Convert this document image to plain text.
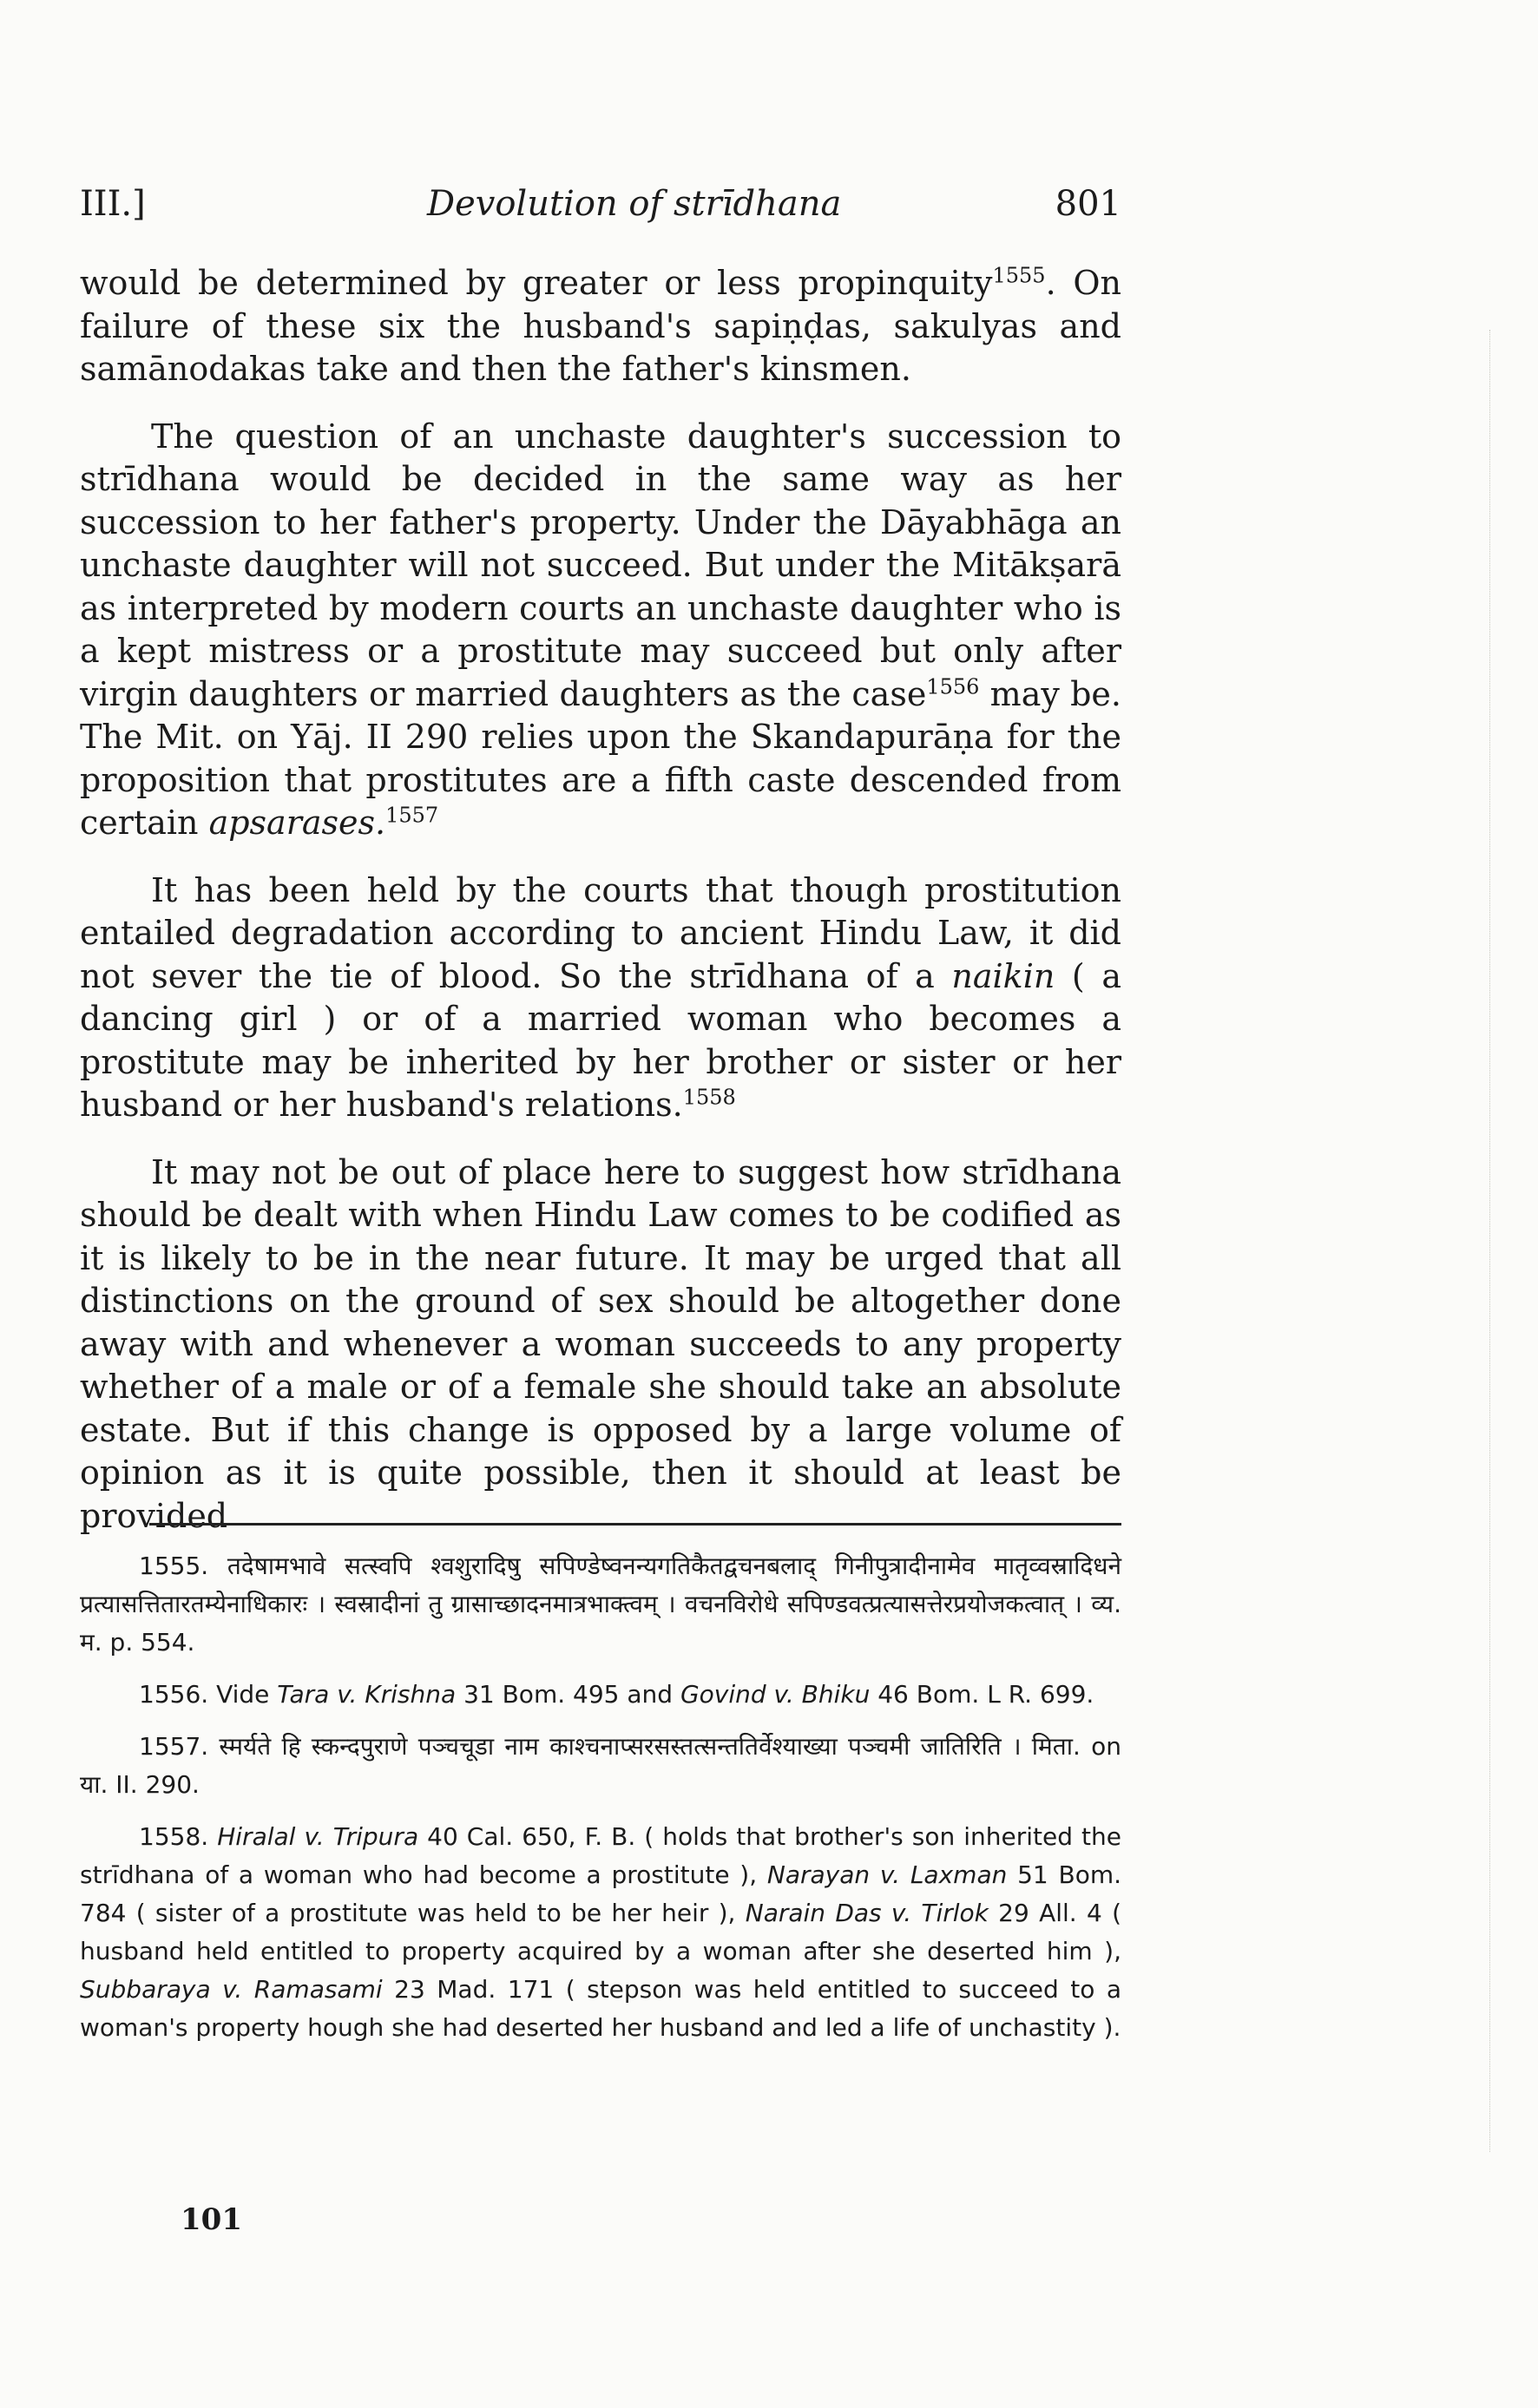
III.]	Devolution of strīdhana	801

would be determined by greater or less propinquity$^{1555}$. On failure of these six the husband's sapiṇḍas, sakulyas and samānodakas take and then the father's kinsmen.

The question of an unchaste daughter's succession to strīdhana would be decided in the same way as her succession to her father's property. Under the Dāyabhāga an unchaste daughter will not succeed. But under the Mitākṣarā as interpreted by modern courts an unchaste daughter who is a kept mistress or a prostitute may succeed but only after virgin daughters or married daughters as the case$^{1556}$ may be. The Mit. on Yāj. II 290 relies upon the Skandapurāṇa for the proposition that prostitutes are a fifth caste descended from certain apsarases.$^{1557}$

It has been held by the courts that though prostitution entailed degradation according to ancient Hindu Law, it did not sever the tie of blood. So the strīdhana of a naikin ( a dancing girl ) or of a married woman who becomes a prostitute may be inherited by her brother or sister or her husband or her husband's relations.$^{1558}$

It may not be out of place here to suggest how strīdhana should be dealt with when Hindu Law comes to be codified as it is likely to be in the near future. It may be urged that all distinctions on the ground of sex should be altogether done away with and whenever a woman succeeds to any property whether of a male or of a female she should take an absolute estate. But if this change is opposed by a large volume of opinion as it is quite possible, then it should at least be provided

1555. तदेषामभावे सत्स्वपि श्वशुरादिषु सपिण्डेष्वनन्यगतिकैतद्वचनबलाद् गिनीपुत्रादीनामेव मातृव्वस्रादिधने प्रत्यासत्तितारतम्येनाधिकारः । स्वस्रादीनां तु ग्रासाच्छादनमात्रभाक्त्वम् । वचनविरोधे सपिण्डवत्प्रत्यासत्तेरप्रयोजकत्वात् । व्य. म. p. 554.

1556. Vide Tara v. Krishna 31 Bom. 495 and Govind v. Bhiku 46 Bom. L R. 699.

1557. स्मर्यते हि स्कन्दपुराणे पञ्चचूडा नाम काश्चनाप्सरसस्तत्सन्ततिर्वेश्याख्या पञ्चमी जातिरिति । मिता. on या. II. 290.

1558. Hiralal v. Tripura 40 Cal. 650, F. B. ( holds that brother's son inherited the strīdhana of a woman who had become a prostitute ), Narayan v. Laxman 51 Bom. 784 ( sister of a prostitute was held to be her heir ), Narain Das v. Tirlok 29 All. 4 ( husband held entitled to property acquired by a woman after she deserted him ), Subbaraya v. Ramasami 23 Mad. 171 ( stepson was held entitled to succeed to a woman's property hough she had deserted her husband and led a life of unchastity ).

101
